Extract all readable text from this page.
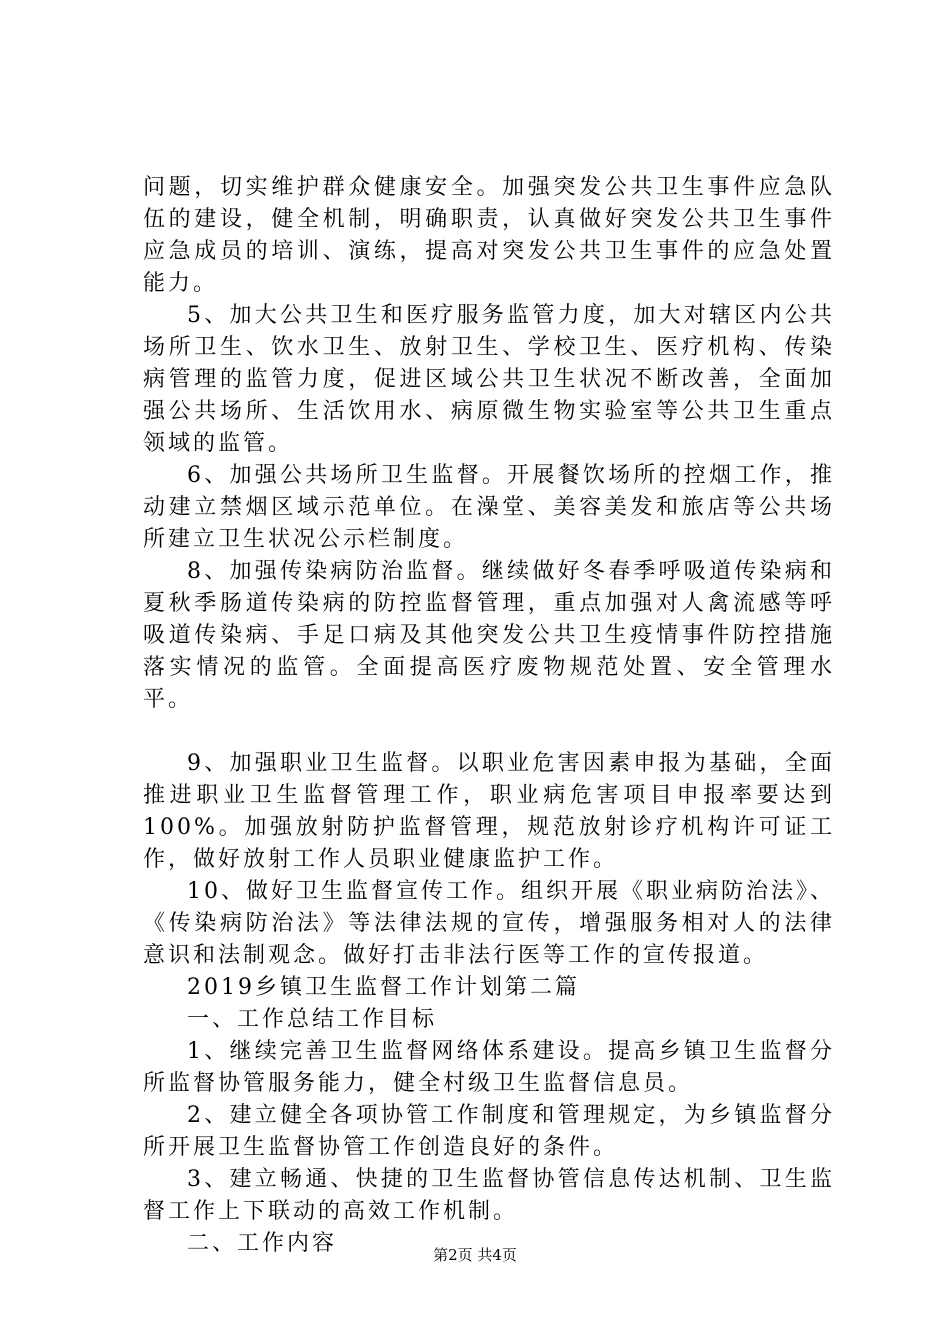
问题，切实维护群众健康安全。加强突发公共卫生事件应急队伍的建设，健全机制，明确职责，认真做好突发公共卫生事件应急成员的培训、演练，提高对突发公共卫生事件的应急处置能力。

5、加大公共卫生和医疗服务监管力度，加大对辖区内公共场所卫生、饮水卫生、放射卫生、学校卫生、医疗机构、传染病管理的监管力度，促进区域公共卫生状况不断改善，全面加强公共场所、生活饮用水、病原微生物实验室等公共卫生重点领域的监管。

6、加强公共场所卫生监督。开展餐饮场所的控烟工作，推动建立禁烟区域示范单位。在澡堂、美容美发和旅店等公共场所建立卫生状况公示栏制度。

8、加强传染病防治监督。继续做好冬春季呼吸道传染病和夏秋季肠道传染病的防控监督管理，重点加强对人禽流感等呼吸道传染病、手足口病及其他突发公共卫生疫情事件防控措施落实情况的监管。全面提高医疗废物规范处置、安全管理水平。

9、加强职业卫生监督。以职业危害因素申报为基础，全面推进职业卫生监督管理工作，职业病危害项目申报率要达到100%。加强放射防护监督管理，规范放射诊疗机构许可证工作，做好放射工作人员职业健康监护工作。

10、做好卫生监督宣传工作。组织开展《职业病防治法》、《传染病防治法》等法律法规的宣传，增强服务相对人的法律意识和法制观念。做好打击非法行医等工作的宣传报道。

2019乡镇卫生监督工作计划第二篇

一、工作总结工作目标

1、继续完善卫生监督网络体系建设。提高乡镇卫生监督分所监督协管服务能力，健全村级卫生监督信息员。

2、建立健全各项协管工作制度和管理规定，为乡镇监督分所开展卫生监督协管工作创造良好的条件。

3、建立畅通、快捷的卫生监督协管信息传达机制、卫生监督工作上下联动的高效工作机制。

二、工作内容	第2页 共4页
